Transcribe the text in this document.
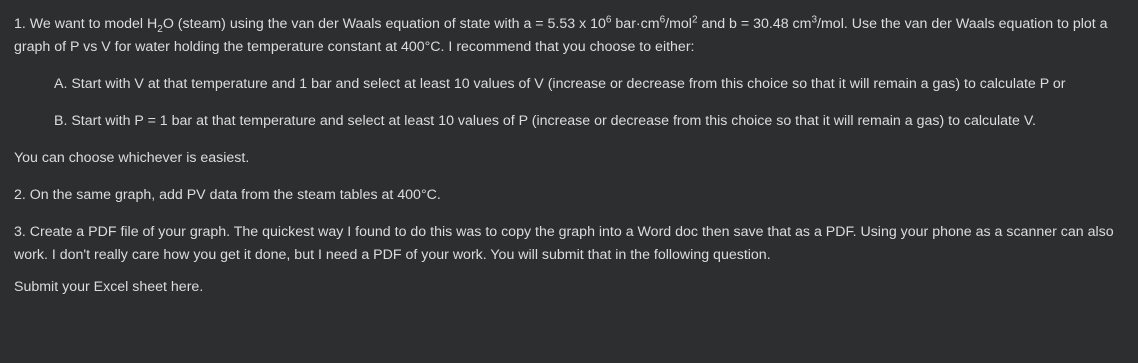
1. We want to model $H_2O$ (steam) using the van der Waals equation of state with a = 5.53 x $10^6$ $bar\cdot cm^6/mol^2$ and b = 30.48 $cm^3$/mol. Use the van der Waals equation to plot a graph of P vs V for water holding the temperature constant at 400°C. I recommend that you choose to either:

A. Start with V at that temperature and 1 bar and select at least 10 values of V (increase or decrease from this choice so that it will remain a gas) to calculate P or

B. Start with P = 1 bar at that temperature and select at least 10 values of P (increase or decrease from this choice so that it will remain a gas) to calculate V.

You can choose whichever is easiest.

2. On the same graph, add PV data from the steam tables at 400°C.

3. Create a PDF file of your graph. The quickest way I found to do this was to copy the graph into a Word doc then save that as a PDF. Using your phone as a scanner can also work. I don't really care how you get it done, but I need a PDF of your work. You will submit that in the following question.

Submit your Excel sheet here.
